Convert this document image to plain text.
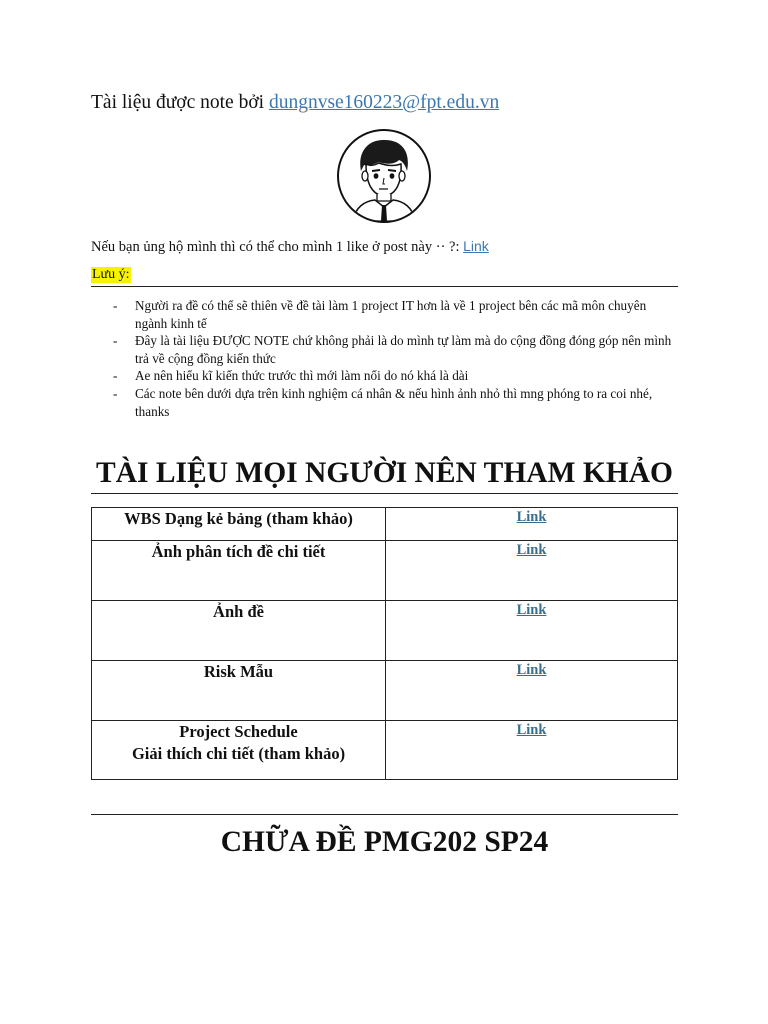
Tài liệu được note bởi dungnvse160223@fpt.edu.vn
Nếu bạn ủng hộ mình thì có thể cho mình 1 like ở post này ·· ?: Link
Lưu ý:
- Người ra đề có thể sẽ thiên về đề tài làm 1 project IT hơn là về 1 project bên các mã môn chuyên ngành kinh tế
- Đây là tài liệu ĐƯỢC NOTE chứ không phải là do mình tự làm mà do cộng đồng đóng góp nên mình trả về cộng đồng kiến thức
- Ae nên hiểu kĩ kiến thức trước thì mới làm nổi do nó khá là dài
- Các note bên dưới dựa trên kinh nghiệm cá nhân & nếu hình ảnh nhỏ thì mng phóng to ra coi nhé, thanks
TÀI LIỆU MỌI NGƯỜI NÊN THAM KHẢO
WBS Dạng kẻ bảng (tham khảo)	Link
Ảnh phân tích đề chi tiết	Link
Ảnh đề	Link
Risk Mẫu	Link

Project Schedule
Giải thích chi tiết (tham khảo)	Link
CHỮA ĐỀ PMG202 SP24
